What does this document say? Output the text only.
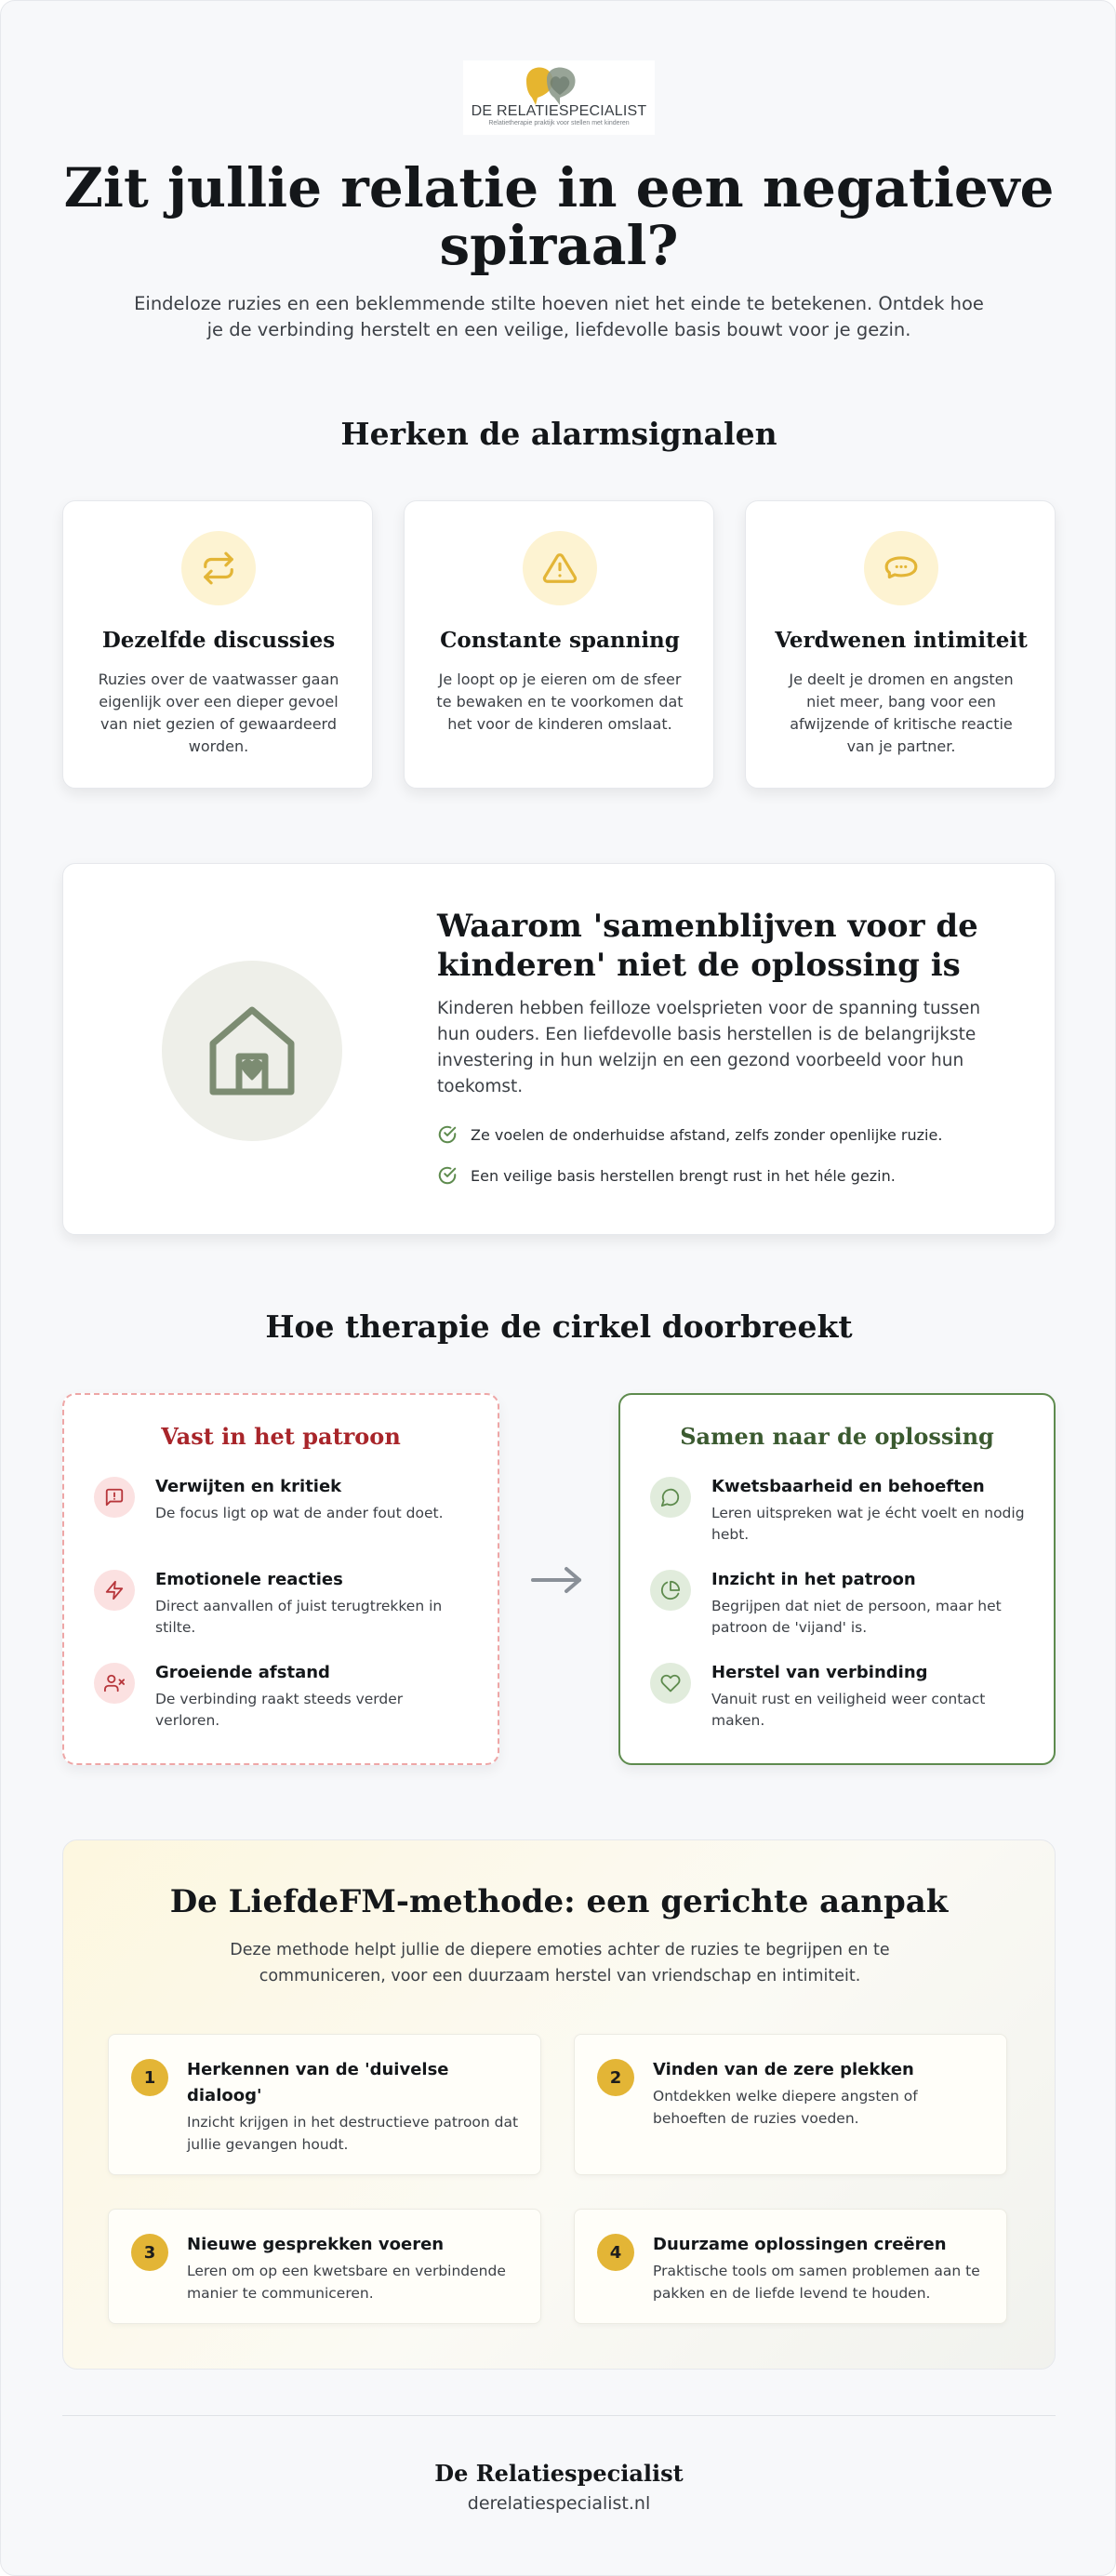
DE RELATIESPECIALIST
Relatietherapie praktijk voor stellen met kinderen
Zit jullie relatie in een negatieve spiraal?

Eindeloze ruzies en een beklemmende stilte hoeven niet het einde te betekenen. Ontdek hoe je de verbinding herstelt en een veilige, liefdevolle basis bouwt voor je gezin.

Herken de alarmsignalen
Dezelfde discussies

Ruzies over de vaatwasser gaan eigenlijk over een dieper gevoel van niet gezien of gewaardeerd worden.

Constante spanning

Je loopt op je eieren om de sfeer te bewaken en te voorkomen dat het voor de kinderen omslaat.

Verdwenen intimiteit

Je deelt je dromen en angsten niet meer, bang voor een afwijzende of kritische reactie van je partner.

Waarom 'samenblijven voor de kinderen' niet de oplossing is

Kinderen hebben feilloze voelsprieten voor de spanning tussen hun ouders. Een liefdevolle basis herstellen is de belangrijkste investering in hun welzijn en een gezond voorbeeld voor hun toekomst.

Ze voelen de onderhuidse afstand, zelfs zonder openlijke ruzie.
Een veilige basis herstellen brengt rust in het héle gezin.
Hoe therapie de cirkel doorbreekt
Vast in het patroon
Verwijten en kritiek

De focus ligt op wat de ander fout doet.

Emotionele reacties

Direct aanvallen of juist terugtrekken in stilte.

Groeiende afstand

De verbinding raakt steeds verder verloren.

Samen naar de oplossing
Kwetsbaarheid en behoeften

Leren uitspreken wat je écht voelt en nodig hebt.

Inzicht in het patroon

Begrijpen dat niet de persoon, maar het patroon de 'vijand' is.

Herstel van verbinding

Vanuit rust en veiligheid weer contact maken.

De LiefdeFM-methode: een gerichte aanpak

Deze methode helpt jullie de diepere emoties achter de ruzies te begrijpen en te communiceren, voor een duurzaam herstel van vriendschap en intimiteit.

1	Herkennen van de 'duivelse dialoog'

Inzicht krijgen in het destructieve patroon dat jullie gevangen houdt.

2	Vinden van de zere plekken

Ontdekken welke diepere angsten of behoeften de ruzies voeden.

3	Nieuwe gesprekken voeren

Leren om op een kwetsbare en verbindende manier te communiceren.

4	Duurzame oplossingen creëren

Praktische tools om samen problemen aan te pakken en de liefde levend te houden.

De Relatiespecialist
derelatiespecialist.nl
